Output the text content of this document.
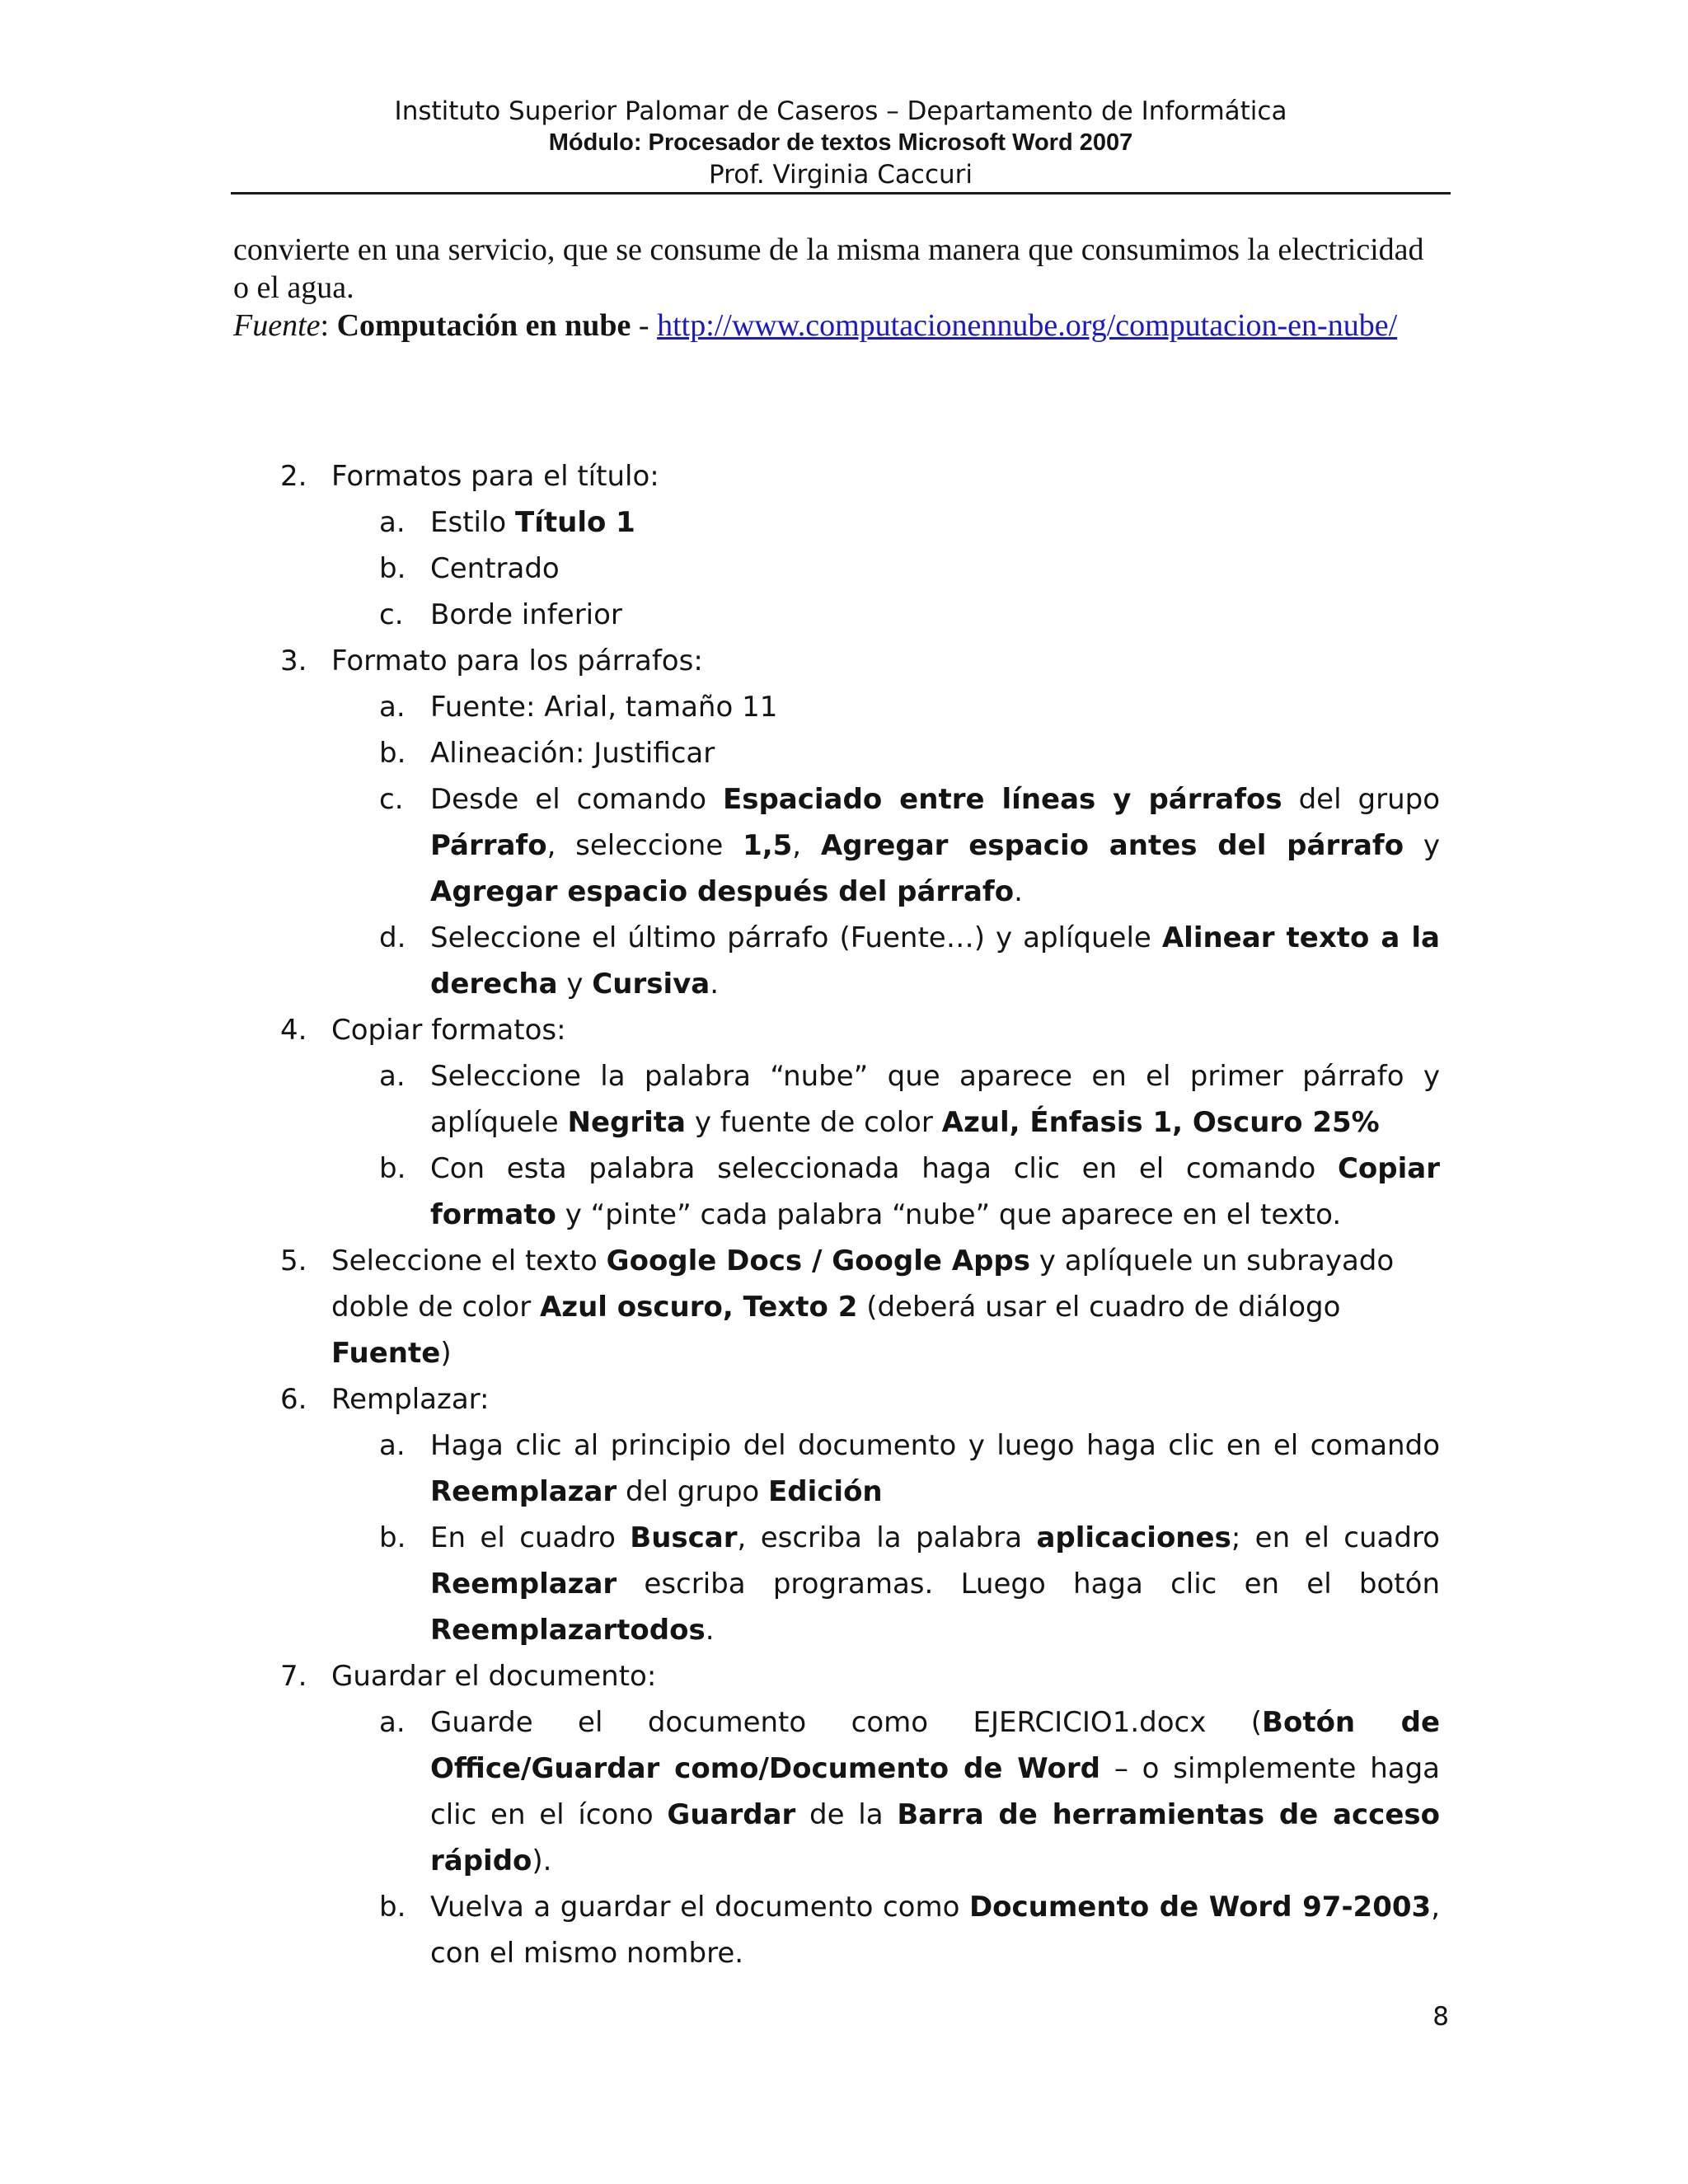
Instituto Superior Palomar de Caseros – Departamento de Informática
Módulo: Procesador de textos Microsoft Word 2007
Prof. Virginia Caccuri

convierte en una servicio, que se consume de la misma manera que consumimos la electricidad o el agua.

Fuente: Computación en nube - http://www.computacionennube.org/computacion-en-nube/

2. Formatos para el título:
a. Estilo Título 1
b. Centrado
c. Borde inferior
3. Formato para los párrafos:
a. Fuente: Arial, tamaño 11
b. Alineación: Justificar
c. Desde el comando Espaciado entre líneas y párrafos del grupo Párrafo, seleccione 1,5, Agregar espacio antes del párrafo y Agregar espacio después del párrafo.
d. Seleccione el último párrafo (Fuente…) y aplíquele Alinear texto a la derecha y Cursiva.
4. Copiar formatos:
a. Seleccione la palabra “nube” que aparece en el primer párrafo y aplíquele Negrita y fuente de color Azul, Énfasis 1, Oscuro 25%
b. Con esta palabra seleccionada haga clic en el comando Copiar formato y “pinte” cada palabra “nube” que aparece en el texto.
5. Seleccione el texto Google Docs / Google Apps y aplíquele un subrayado doble de color Azul oscuro, Texto 2 (deberá usar el cuadro de diálogo Fuente)
6. Remplazar:
a. Haga clic al principio del documento y luego haga clic en el comando Reemplazar del grupo Edición
b. En el cuadro Buscar, escriba la palabra aplicaciones; en el cuadro Reemplazar escriba programas. Luego haga clic en el botón Reemplazartodos.
7. Guardar el documento:
a. Guarde el documento como EJERCICIO1.docx (Botón de Office/Guardar como/Documento de Word – o simplemente haga clic en el ícono Guardar de la Barra de herramientas de acceso rápido).
b. Vuelva a guardar el documento como Documento de Word 97-2003, con el mismo nombre.
8
